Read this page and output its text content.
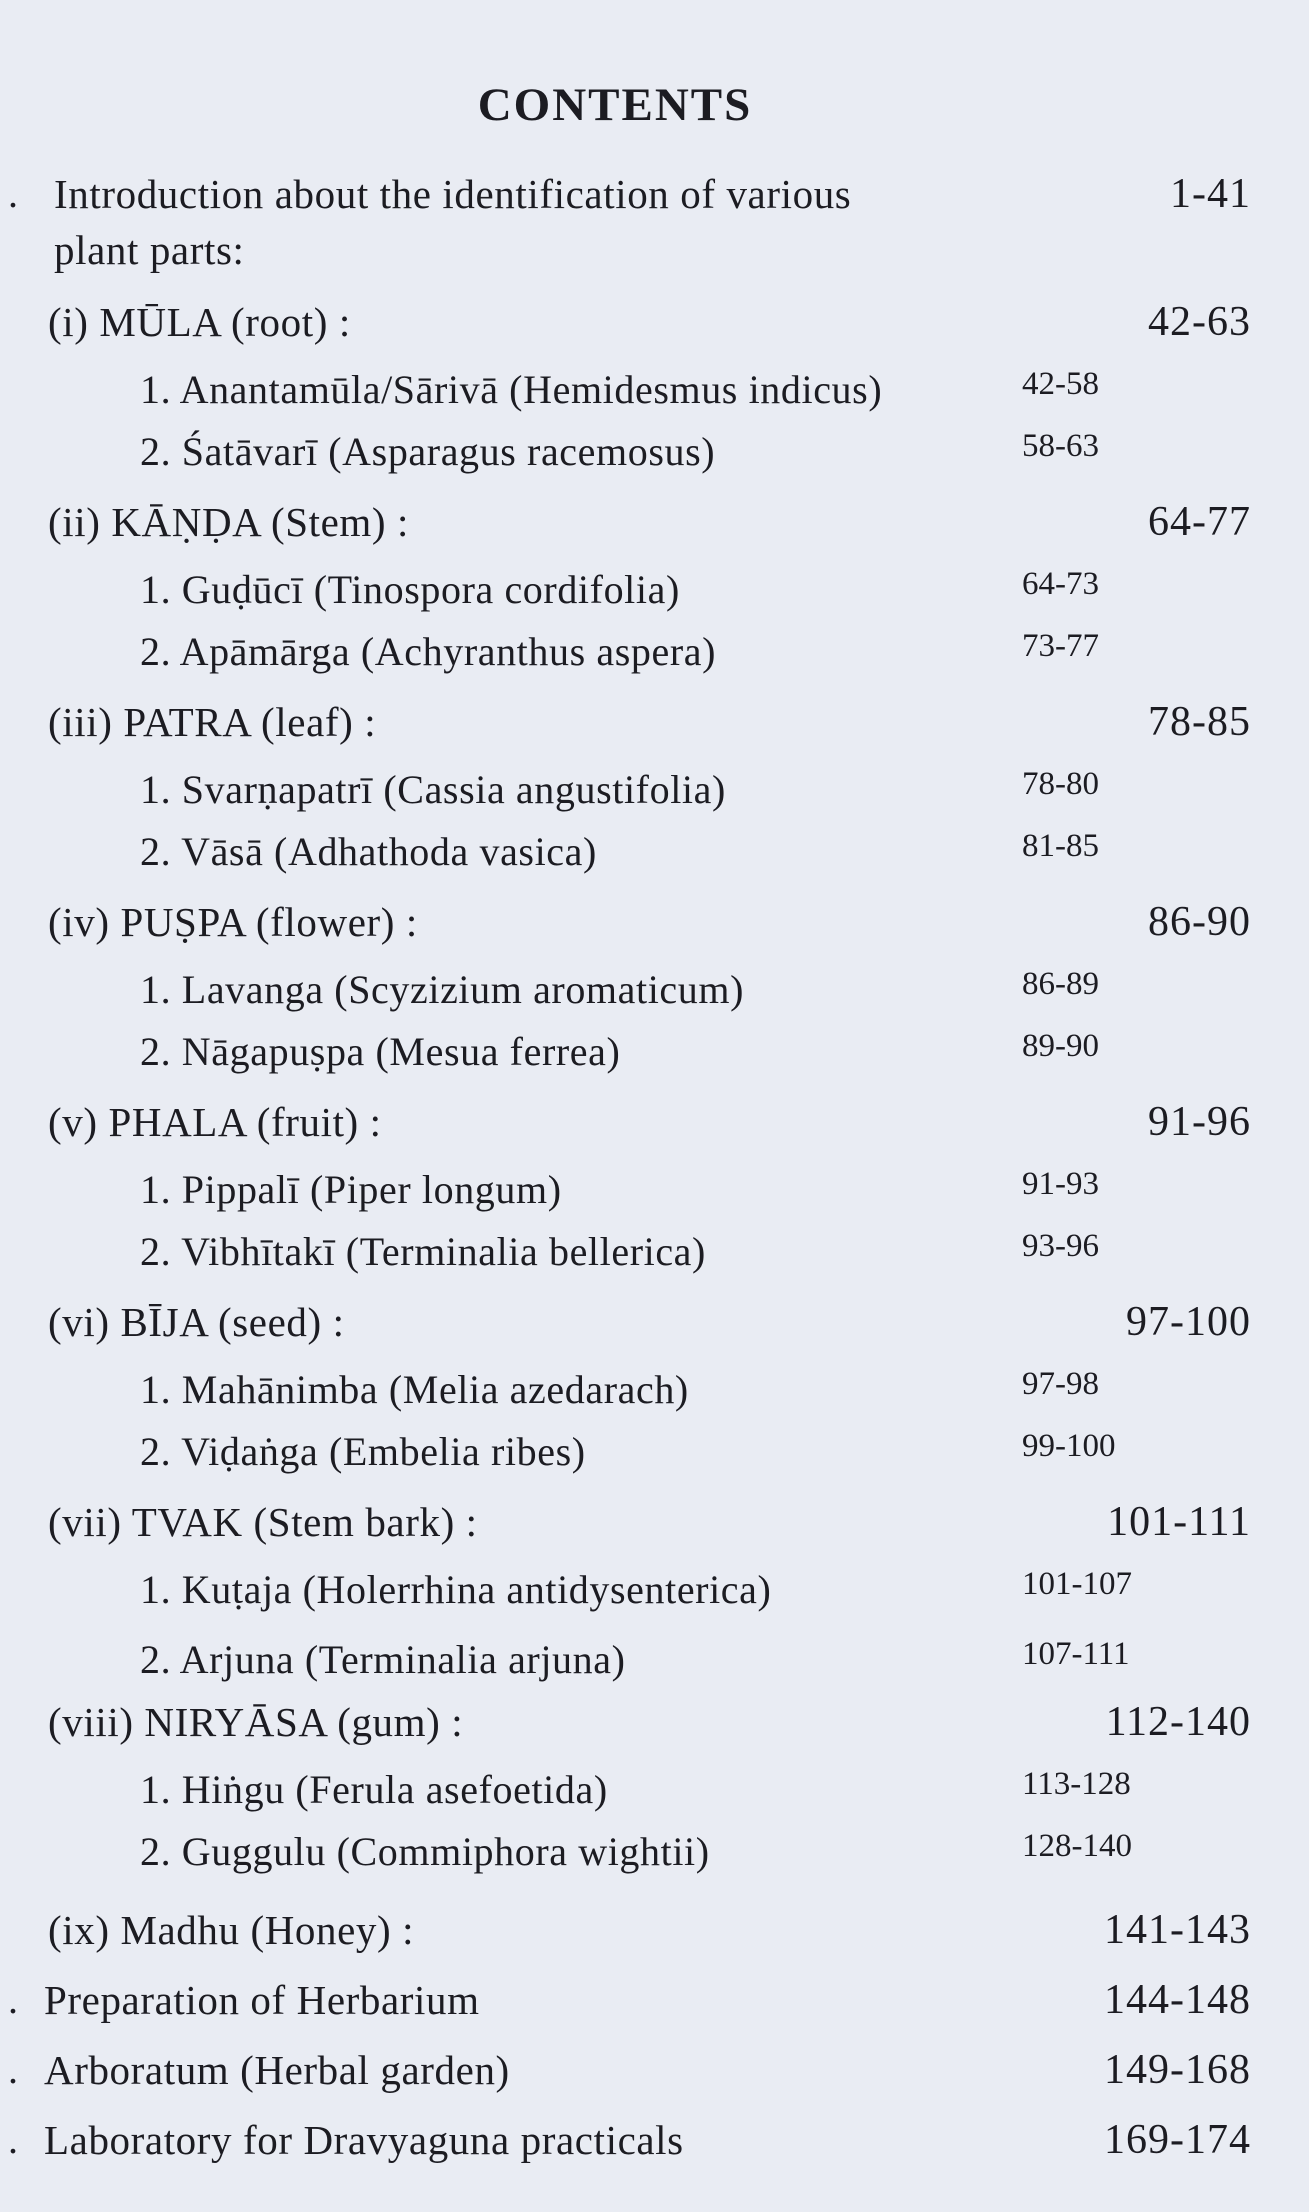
CONTENTS
. Introduction about the identification of various	1-41
plant parts:
(i) MŪLA (root) :	42-63
1. Anantamūla/Sārivā (Hemidesmus indicus)	42-58
2. Śatāvarī (Asparagus racemosus)	58-63
(ii) KĀṆḌA (Stem) :	64-77
1. Guḍūcī (Tinospora cordifolia)	64-73
2. Apāmārga (Achyranthus aspera)	73-77
(iii) PATRA (leaf) :	78-85
1. Svarṇapatrī (Cassia angustifolia)	78-80
2. Vāsā (Adhathoda vasica)	81-85
(iv) PUṢPA (flower) :	86-90
1. Lavanga (Scyzizium aromaticum)	86-89
2. Nāgapuṣpa (Mesua ferrea)	89-90
(v) PHALA (fruit) :	91-96
1. Pippalī (Piper longum)	91-93
2. Vibhītakī (Terminalia bellerica)	93-96
(vi) BĪJA (seed) :	97-100
1. Mahānimba (Melia azedarach)	97-98
2. Viḍaṅga (Embelia ribes)	99-100
(vii) TVAK (Stem bark) :	101-111
1. Kuṭaja (Holerrhina antidysenterica)	101-107
2. Arjuna (Terminalia arjuna)	107-111
(viii) NIRYĀSA (gum) :	112-140
1. Hiṅgu (Ferula asefoetida)	113-128
2. Guggulu (Commiphora wightii)	128-140
(ix) Madhu (Honey) :	141-143
. Preparation of Herbarium	144-148
. Arboratum (Herbal garden)	149-168
. Laboratory for Dravyaguna practicals	169-174
